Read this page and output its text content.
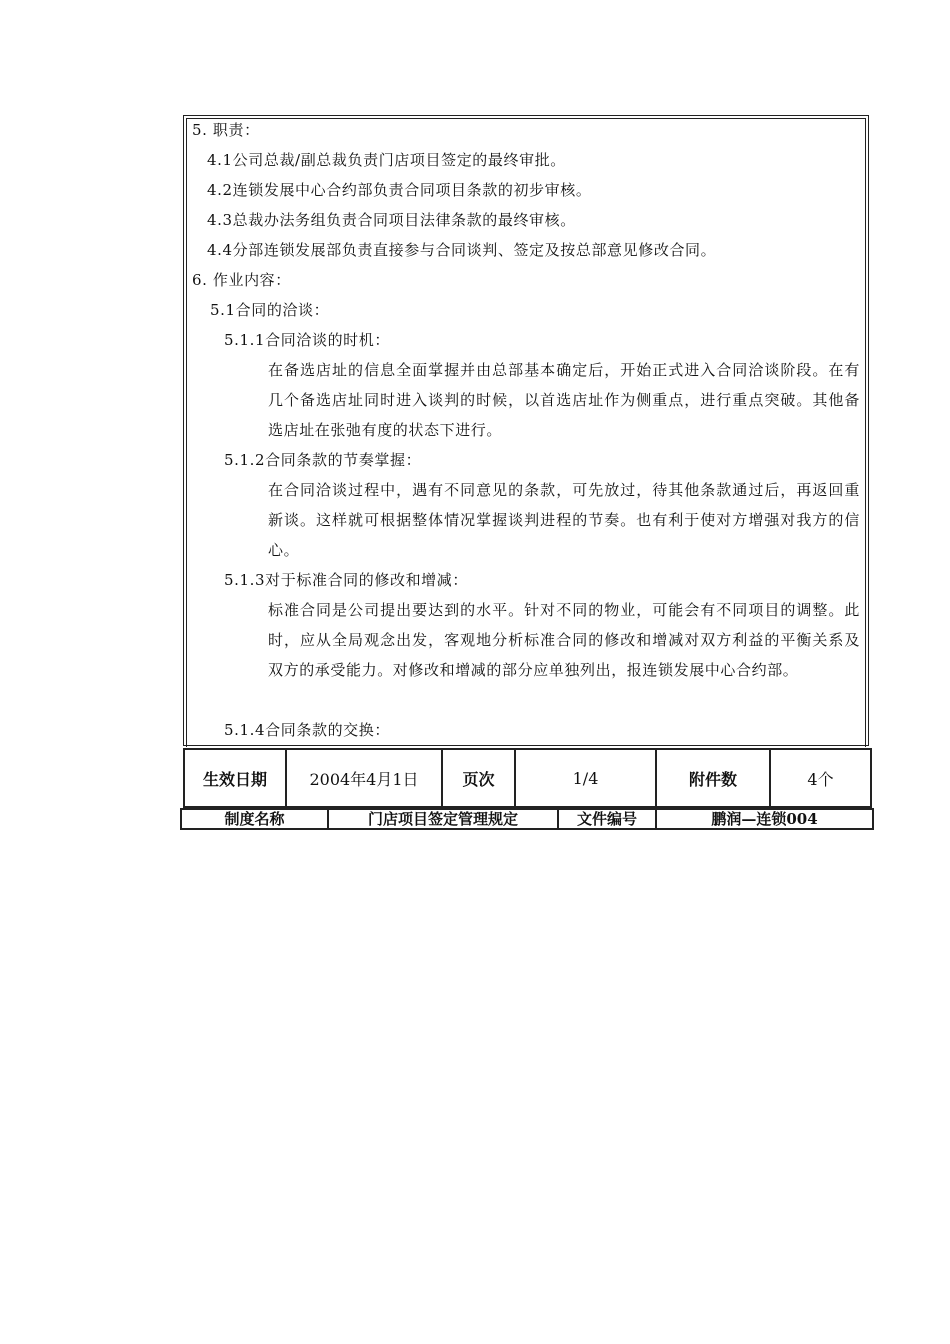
5. 职责：
4.1公司总裁/副总裁负责门店项目签定的最终审批。
4.2连锁发展中心合约部负责合同项目条款的初步审核。
4.3总裁办法务组负责合同项目法律条款的最终审核。
4.4分部连锁发展部负责直接参与合同谈判、签定及按总部意见修改合同。
6. 作业内容：
5.1合同的洽谈：
5.1.1合同洽谈的时机：
在备选店址的信息全面掌握并由总部基本确定后，开始正式进入合同洽谈阶段。在有几个备选店址同时进入谈判的时候，以首选店址作为侧重点，进行重点突破。其他备选店址在张弛有度的状态下进行。
5.1.2合同条款的节奏掌握：
在合同洽谈过程中，遇有不同意见的条款，可先放过，待其他条款通过后，再返回重新谈。这样就可根据整体情况掌握谈判进程的节奏。也有利于使对方增强对我方的信心。
5.1.3对于标准合同的修改和增减：
标准合同是公司提出要达到的水平。针对不同的物业，可能会有不同项目的调整。此时，应从全局观念出发，客观地分析标准合同的修改和增减对双方利益的平衡关系及双方的承受能力。对修改和增减的部分应单独列出，报连锁发展中心合约部。
5.1.4合同条款的交换：
生效日期	2004年4月1日	页次	1/4	附件数	4个
制度名称	门店项目签定管理规定	文件编号	鹏润—连锁004
